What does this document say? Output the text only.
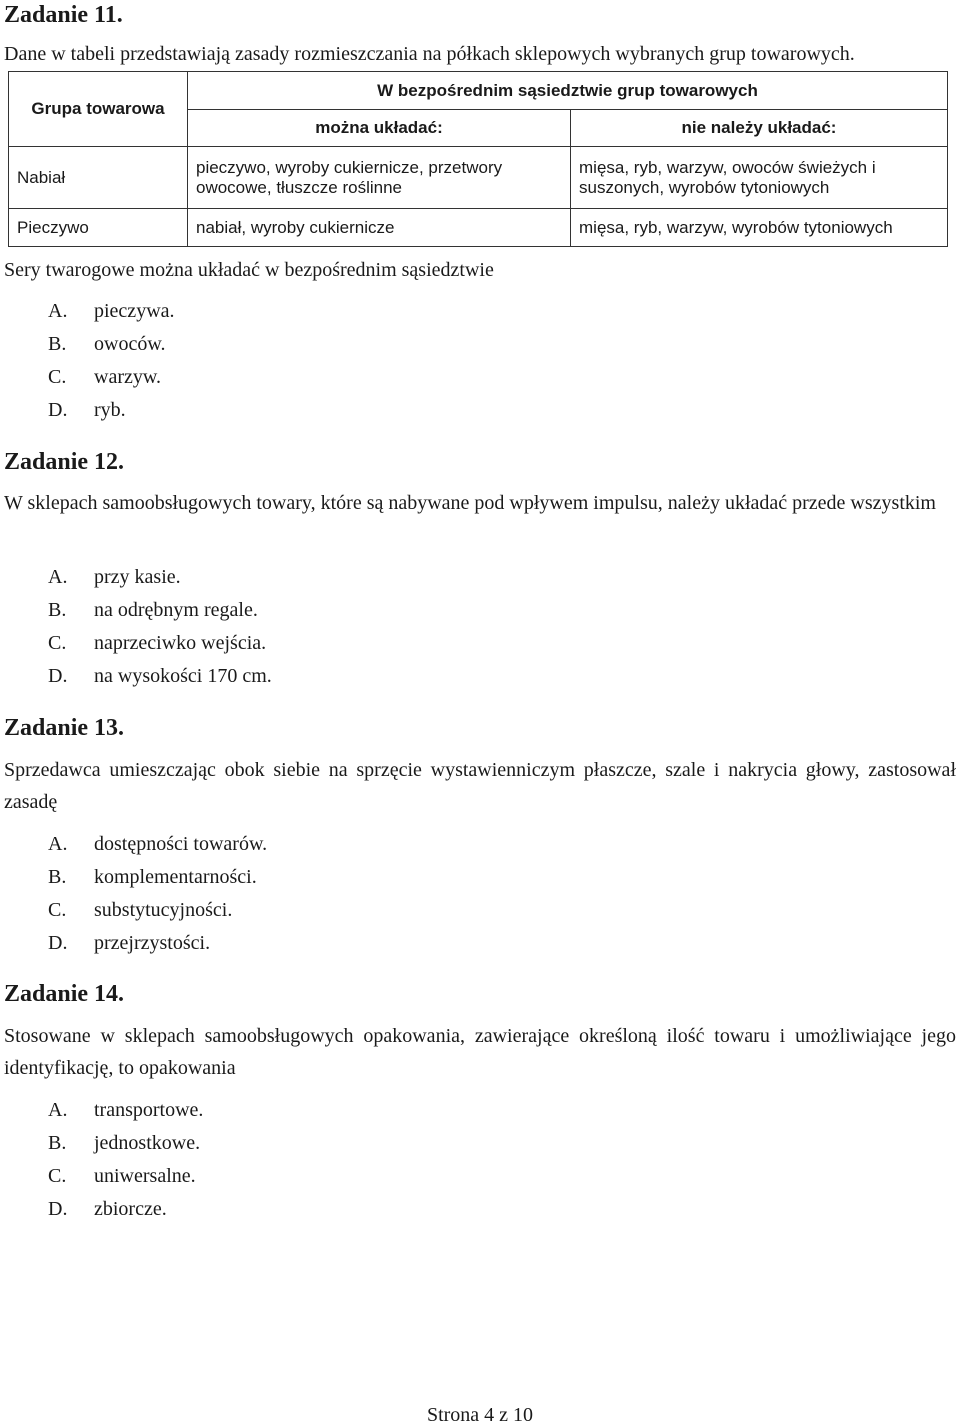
Zadanie 11.
Dane w tabeli przedstawiają zasady rozmieszczania na półkach sklepowych wybranych grup towarowych.
Grupa towarowa	W bezpośrednim sąsiedztwie grup towarowych	
	można układać:	nie należy układać:
Nabiał	pieczywo, wyroby cukiernicze, przetwory owocowe, tłuszcze roślinne	mięsa, ryb, warzyw, owoców świeżych i suszonych, wyrobów tytoniowych
Pieczywo	nabiał, wyroby cukiernicze	mięsa, ryb, warzyw, wyrobów tytoniowych
Sery twarogowe można układać w bezpośrednim sąsiedztwie
A. pieczywa.
B. owoców.
C. warzyw.
D. ryb.
Zadanie 12.
W sklepach samoobsługowych towary, które są nabywane pod wpływem impulsu, należy układać przede wszystkim
A. przy kasie.
B. na odrębnym regale.
C. naprzeciwko wejścia.
D. na wysokości 170 cm.
Zadanie 13.
Sprzedawca umieszczając obok siebie na sprzęcie wystawienniczym płaszcze, szale i nakrycia głowy, zastosował zasadę
A. dostępności towarów.
B. komplementarności.
C. substytucyjności.
D. przejrzystości.
Zadanie 14.
Stosowane w sklepach samoobsługowych opakowania, zawierające określoną ilość towaru i umożliwiające jego identyfikację, to opakowania
A. transportowe.
B. jednostkowe.
C. uniwersalne.
D. zbiorcze.
Strona 4 z 10
